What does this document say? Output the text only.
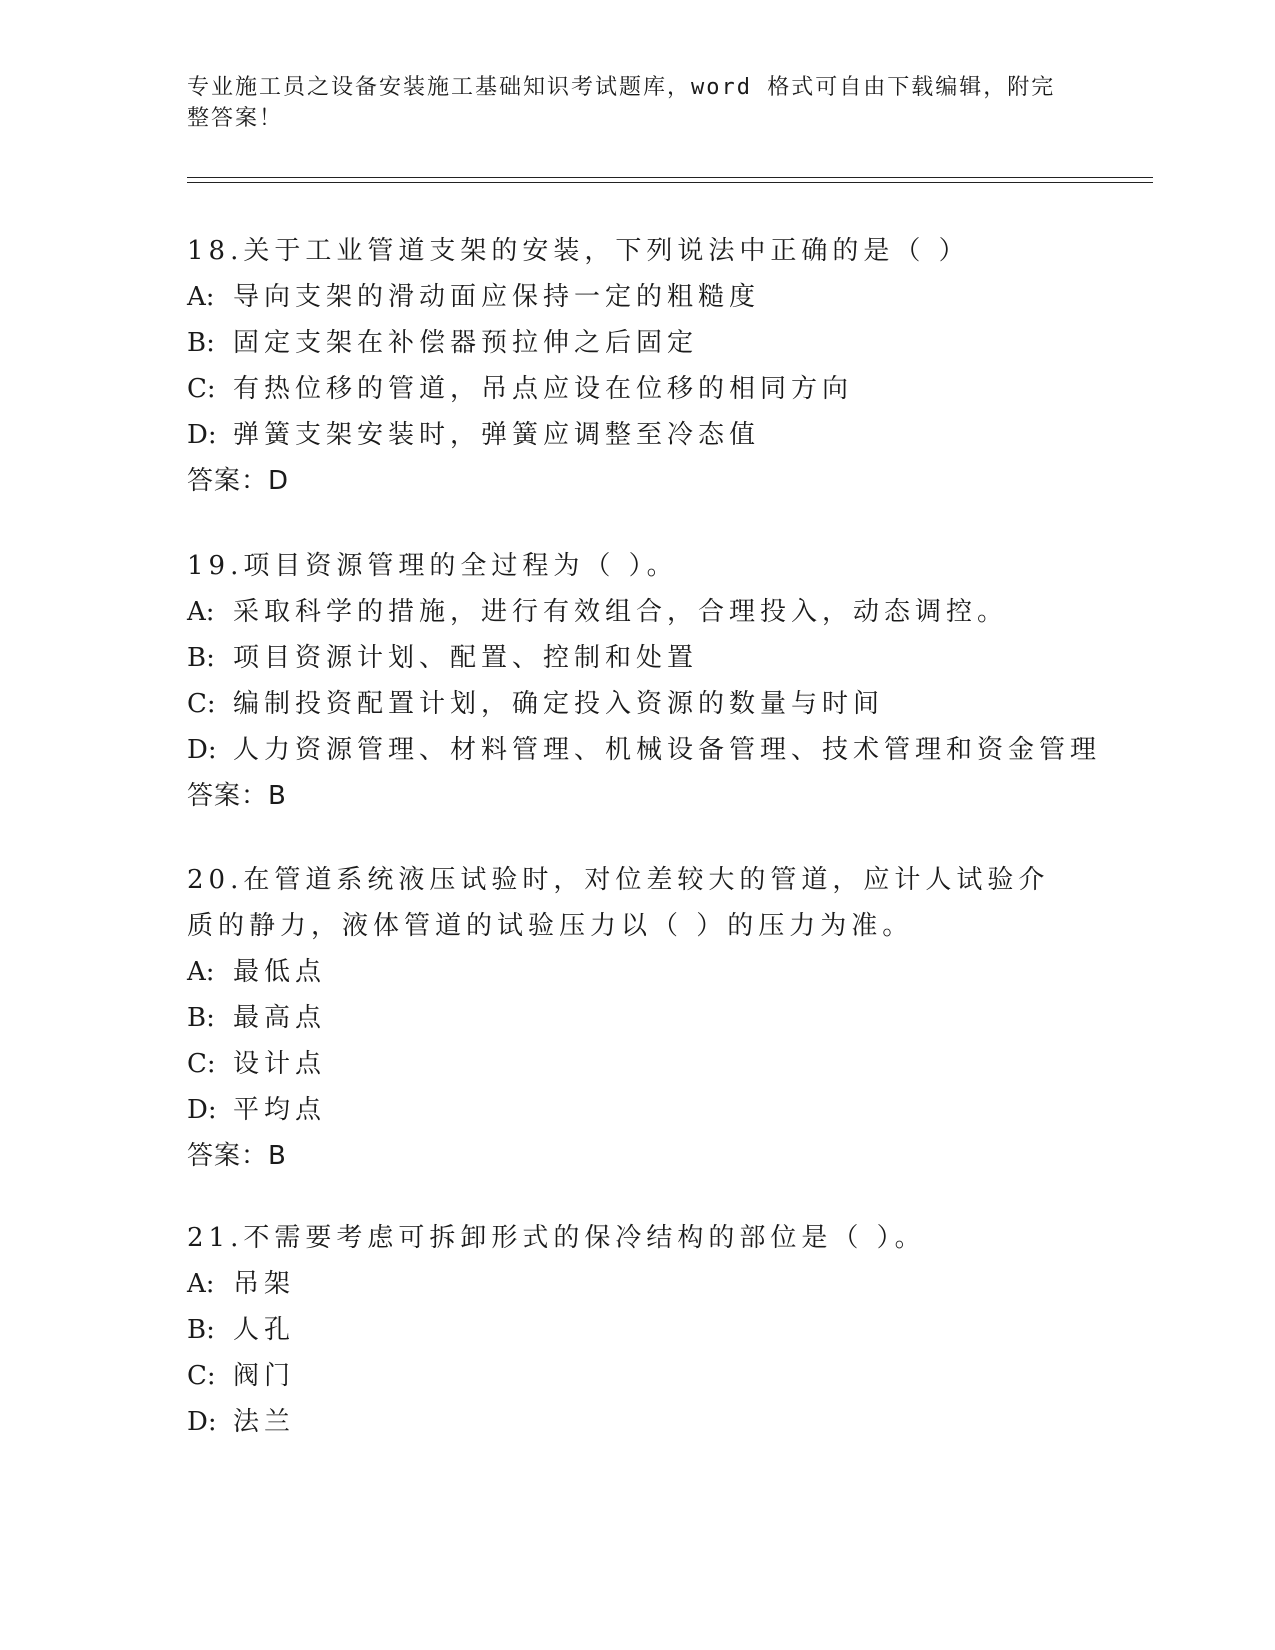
专业施工员之设备安装施工基础知识考试题库，word 格式可自由下载编辑，附完整答案！
18.关于工业管道支架的安装，下列说法中正确的是（ ）
A: 导向支架的滑动面应保持一定的粗糙度
B: 固定支架在补偿器预拉伸之后固定
C: 有热位移的管道，吊点应设在位移的相同方向
D: 弹簧支架安装时，弹簧应调整至冷态值
答案：D
19.项目资源管理的全过程为（ ）。
A: 采取科学的措施，进行有效组合，合理投入，动态调控。
B: 项目资源计划、配置、控制和处置
C: 编制投资配置计划，确定投入资源的数量与时间
D: 人力资源管理、材料管理、机械设备管理、技术管理和资金管理
答案：B
20.在管道系统液压试验时，对位差较大的管道，应计人试验介质的静力，液体管道的试验压力以（ ）的压力为准。
A: 最低点
B: 最高点
C: 设计点
D: 平均点
答案：B
21.不需要考虑可拆卸形式的保冷结构的部位是（ ）。
A: 吊架
B: 人孔
C: 阀门
D: 法兰
